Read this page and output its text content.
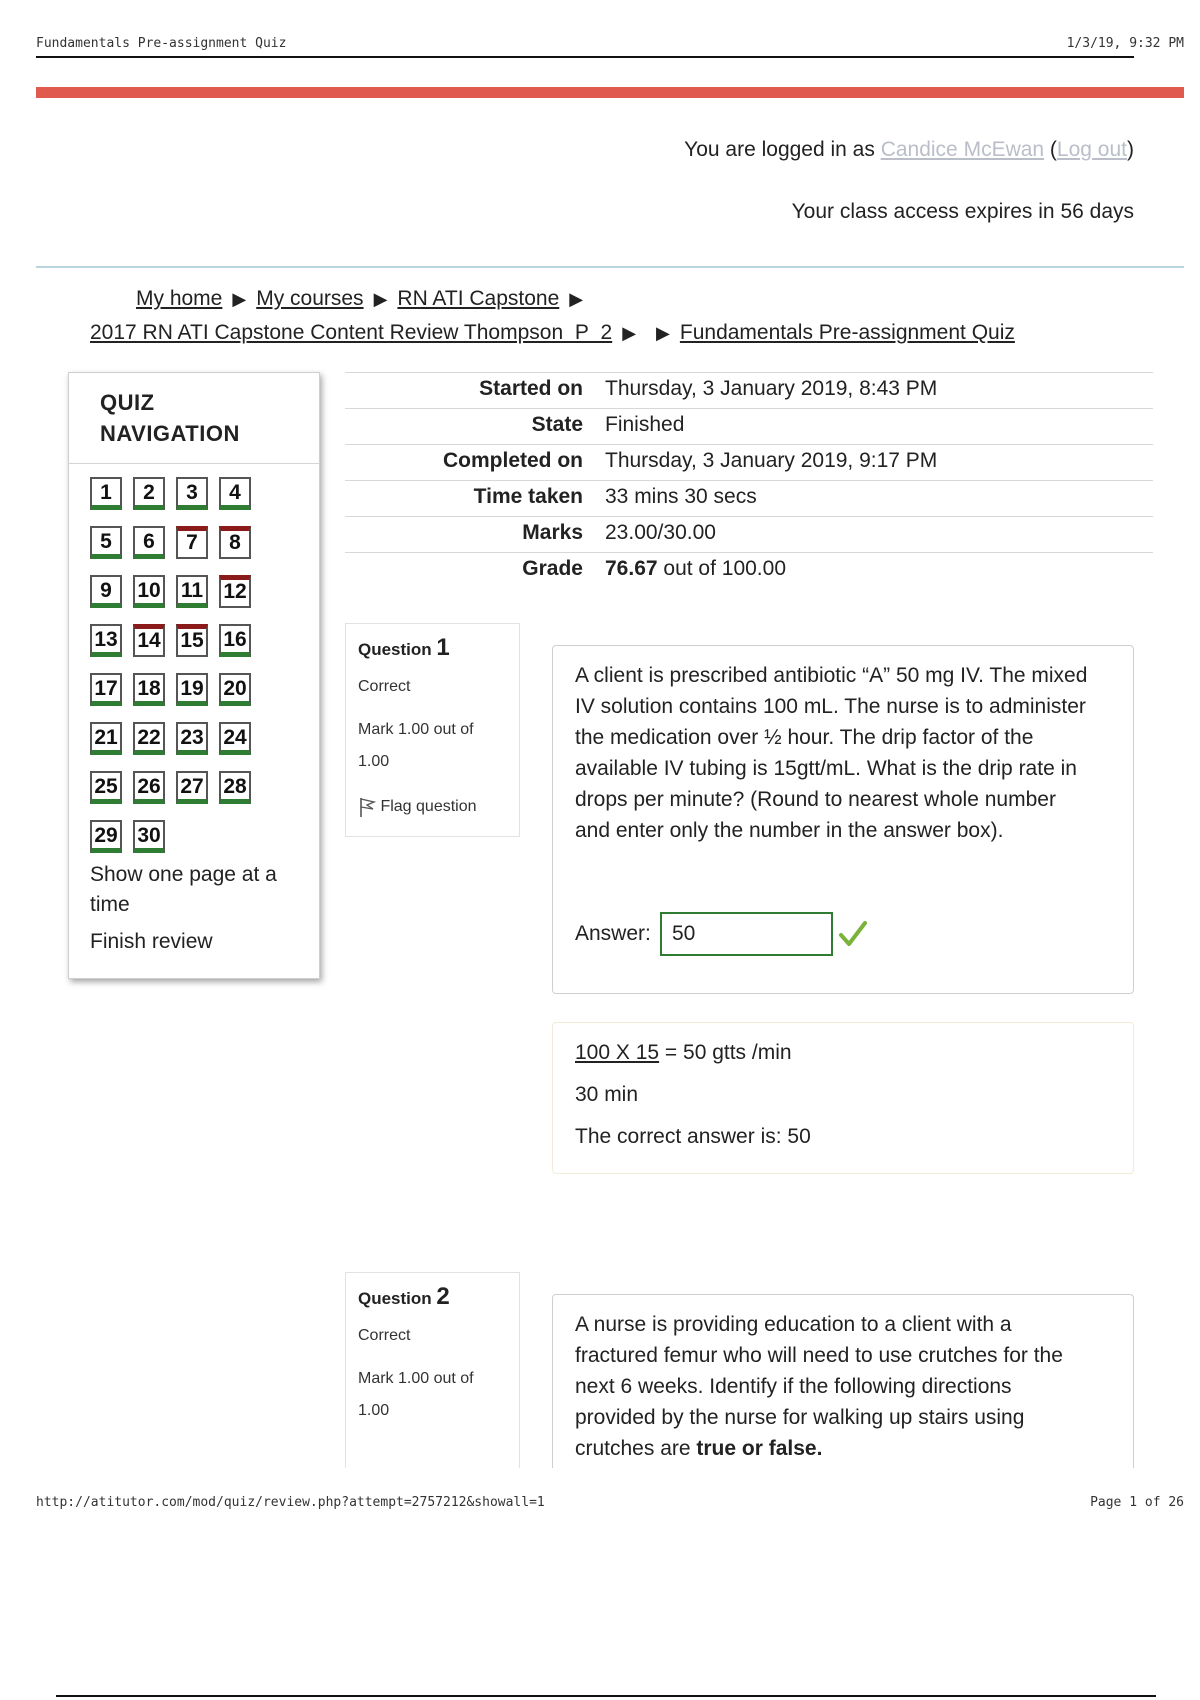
Fundamentals Pre-assignment Quiz	1/3/19, 9:32 PM
You are logged in as Candice McEwan (Log out)
Your class access expires in 56 days
My home ▶ My courses ▶ RN ATI Capstone ▶
2017 RN ATI Capstone Content Review Thompson_P_2 ▶ ▶ Fundamentals Pre-assignment Quiz
QUIZ
NAVIGATION
1	2	3	4
5	6	7	8
9	10 11 12
13 14 15 16
17 18 19 20
21 22 23 24
25 26 27 28
29 30
Show one page at a
time
Finish review
Started on Thursday, 3 January 2019, 8:43 PM
State Finished
Completed on Thursday, 3 January 2019, 9:17 PM
Time taken 33 mins 30 secs
Marks 23.00/30.00
Grade 76.67 out of 100.00
Question 1
Correct
Mark 1.00 out of
1.00
Flag question
A client is prescribed antibiotic “A” 50 mg IV. The mixed IV solution contains 100 mL. The nurse is to administer the medication over ½ hour. The drip factor of the available IV tubing is 15gtt/mL. What is the drip rate in drops per minute? (Round to nearest whole number and enter only the number in the answer box).
Answer:	50
100 X 15 = 50 gtts /min
30 min
The correct answer is: 50
Question 2
Correct
Mark 1.00 out of
1.00
A nurse is providing education to a client with a fractured femur who will need to use crutches for the next 6 weeks. Identify if the following directions provided by the nurse for walking up stairs using crutches are true or false.
http://atitutor.com/mod/quiz/review.php?attempt=2757212&showall=1	Page 1 of 26
